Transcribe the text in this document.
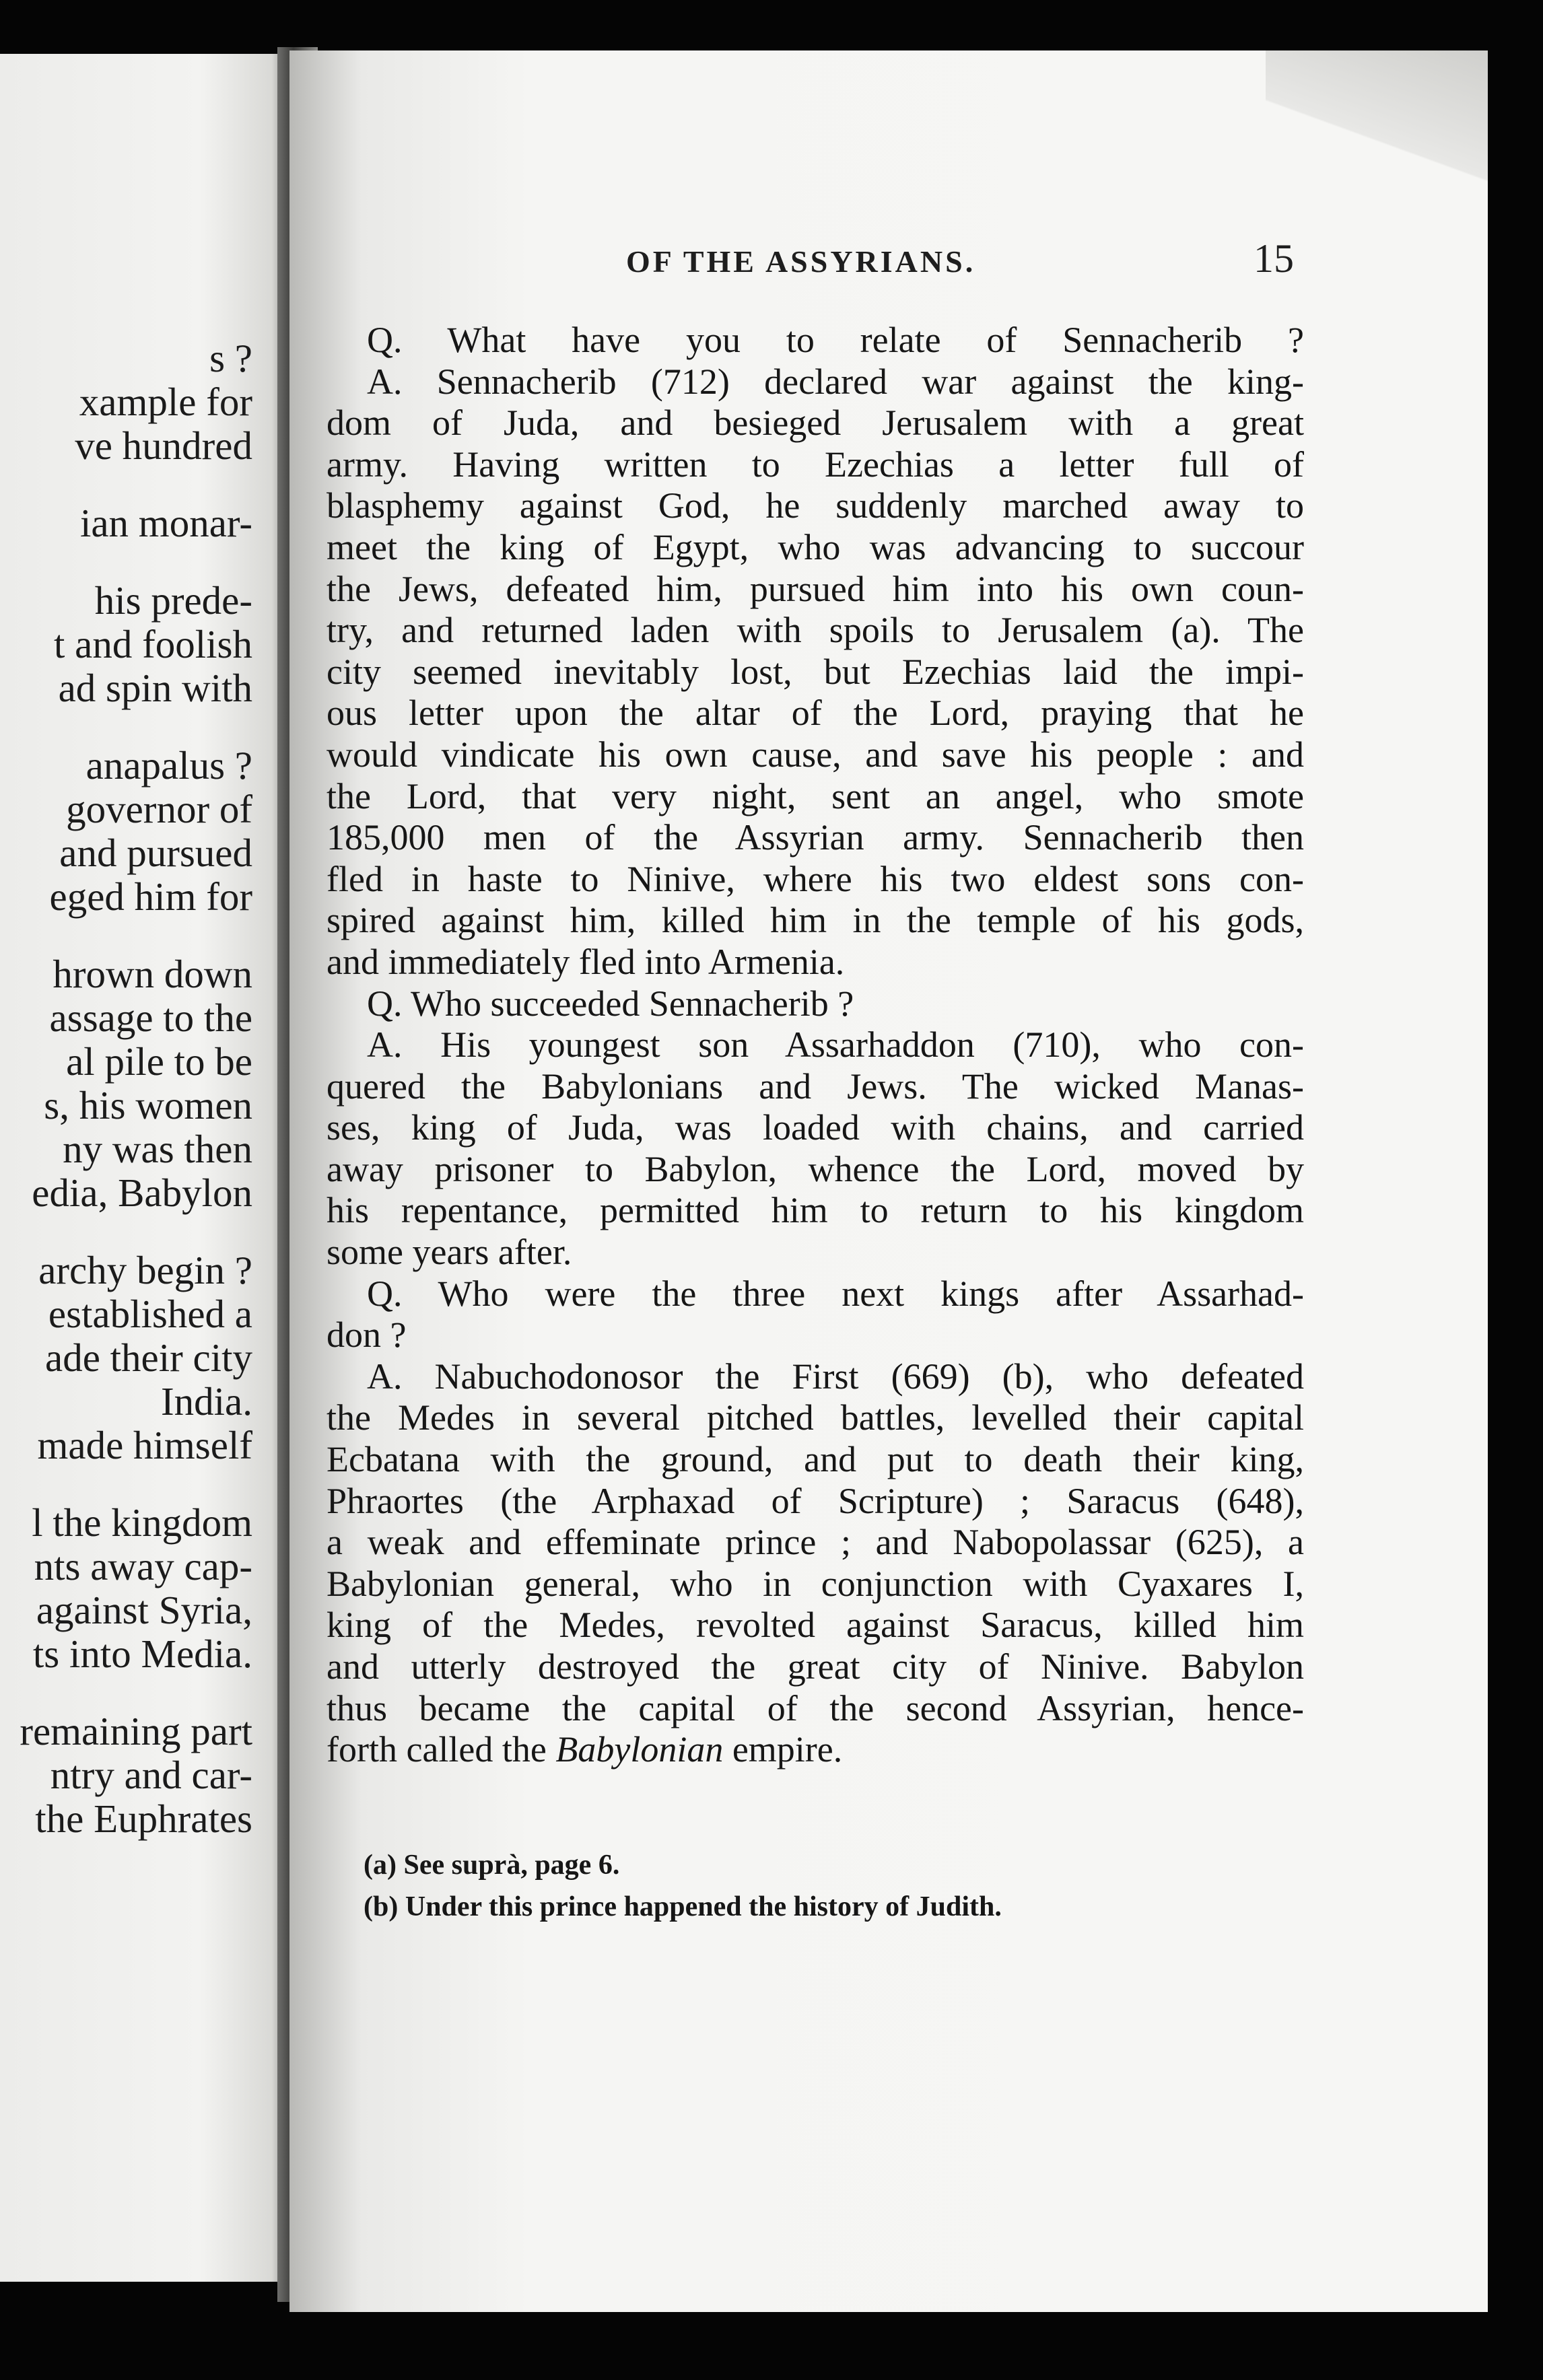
s ?
xample for
ve hundred
ian monar-
his prede-
t and foolish
ad spin with
anapalus ?
governor of
and pursued
eged him for
hrown down
assage to the
al pile to be
s, his women
ny was then
edia, Babylon
archy begin ?
established a
ade their city
India.
made himself
l the kingdom
nts away cap-
against Syria,
ts into Media.
remaining part
ntry and car-
the Euphrates
OF THE ASSYRIANS.	15
Q. What have you to relate of Sennacherib ?
A. Sennacherib (712) declared war against the king-
dom of Juda, and besieged Jerusalem with a great
army. Having written to Ezechias a letter full of
blasphemy against God, he suddenly marched away to
meet the king of Egypt, who was advancing to succour
the Jews, defeated him, pursued him into his own coun-
try, and returned laden with spoils to Jerusalem (a). The
city seemed inevitably lost, but Ezechias laid the impi-
ous letter upon the altar of the Lord, praying that he
would vindicate his own cause, and save his people : and
the Lord, that very night, sent an angel, who smote
185,000 men of the Assyrian army. Sennacherib then
fled in haste to Ninive, where his two eldest sons con-
spired against him, killed him in the temple of his gods,
and immediately fled into Armenia.
Q. Who succeeded Sennacherib ?
A. His youngest son Assarhaddon (710), who con-
quered the Babylonians and Jews. The wicked Manas-
ses, king of Juda, was loaded with chains, and carried
away prisoner to Babylon, whence the Lord, moved by
his repentance, permitted him to return to his kingdom
some years after.
Q. Who were the three next kings after Assarhad-
don ?
A. Nabuchodonosor the First (669) (b), who defeated
the Medes in several pitched battles, levelled their capital
Ecbatana with the ground, and put to death their king,
Phraortes (the Arphaxad of Scripture) ; Saracus (648),
a weak and effeminate prince ; and Nabopolassar (625), a
Babylonian general, who in conjunction with Cyaxares I,
king of the Medes, revolted against Saracus, killed him
and utterly destroyed the great city of Ninive. Babylon
thus became the capital of the second Assyrian, hence-
forth called the Babylonian empire.
(a) See suprà, page 6.
(b) Under this prince happened the history of Judith.
